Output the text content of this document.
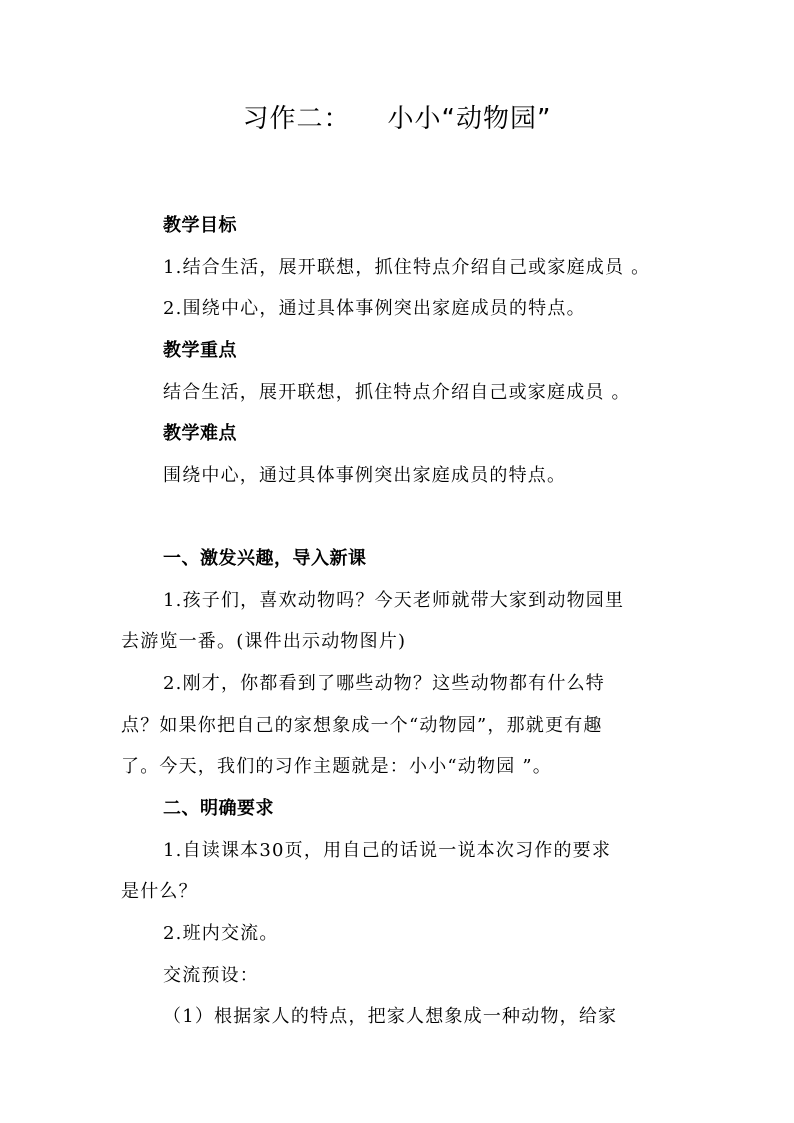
习作二：    小小“动物园”
教学目标
1.结合生活，展开联想，抓住特点介绍自己或家庭成员 。
2.围绕中心，通过具体事例突出家庭成员的特点。
教学重点
结合生活，展开联想，抓住特点介绍自己或家庭成员 。
教学难点
围绕中心，通过具体事例突出家庭成员的特点。
一、激发兴趣，导入新课
1.孩子们，喜欢动物吗？今天老师就带大家到动物园里
去游览一番。(课件出示动物图片)
2.刚才，你都看到了哪些动物？这些动物都有什么特
点？如果你把自己的家想象成一个“动物园”，那就更有趣
了。今天，我们的习作主题就是：小小“动物园 ”。
二、明确要求
1.自读课本30页，用自己的话说一说本次习作的要求
是什么？
2.班内交流。
交流预设：
（1）根据家人的特点，把家人想象成一种动物，给家
